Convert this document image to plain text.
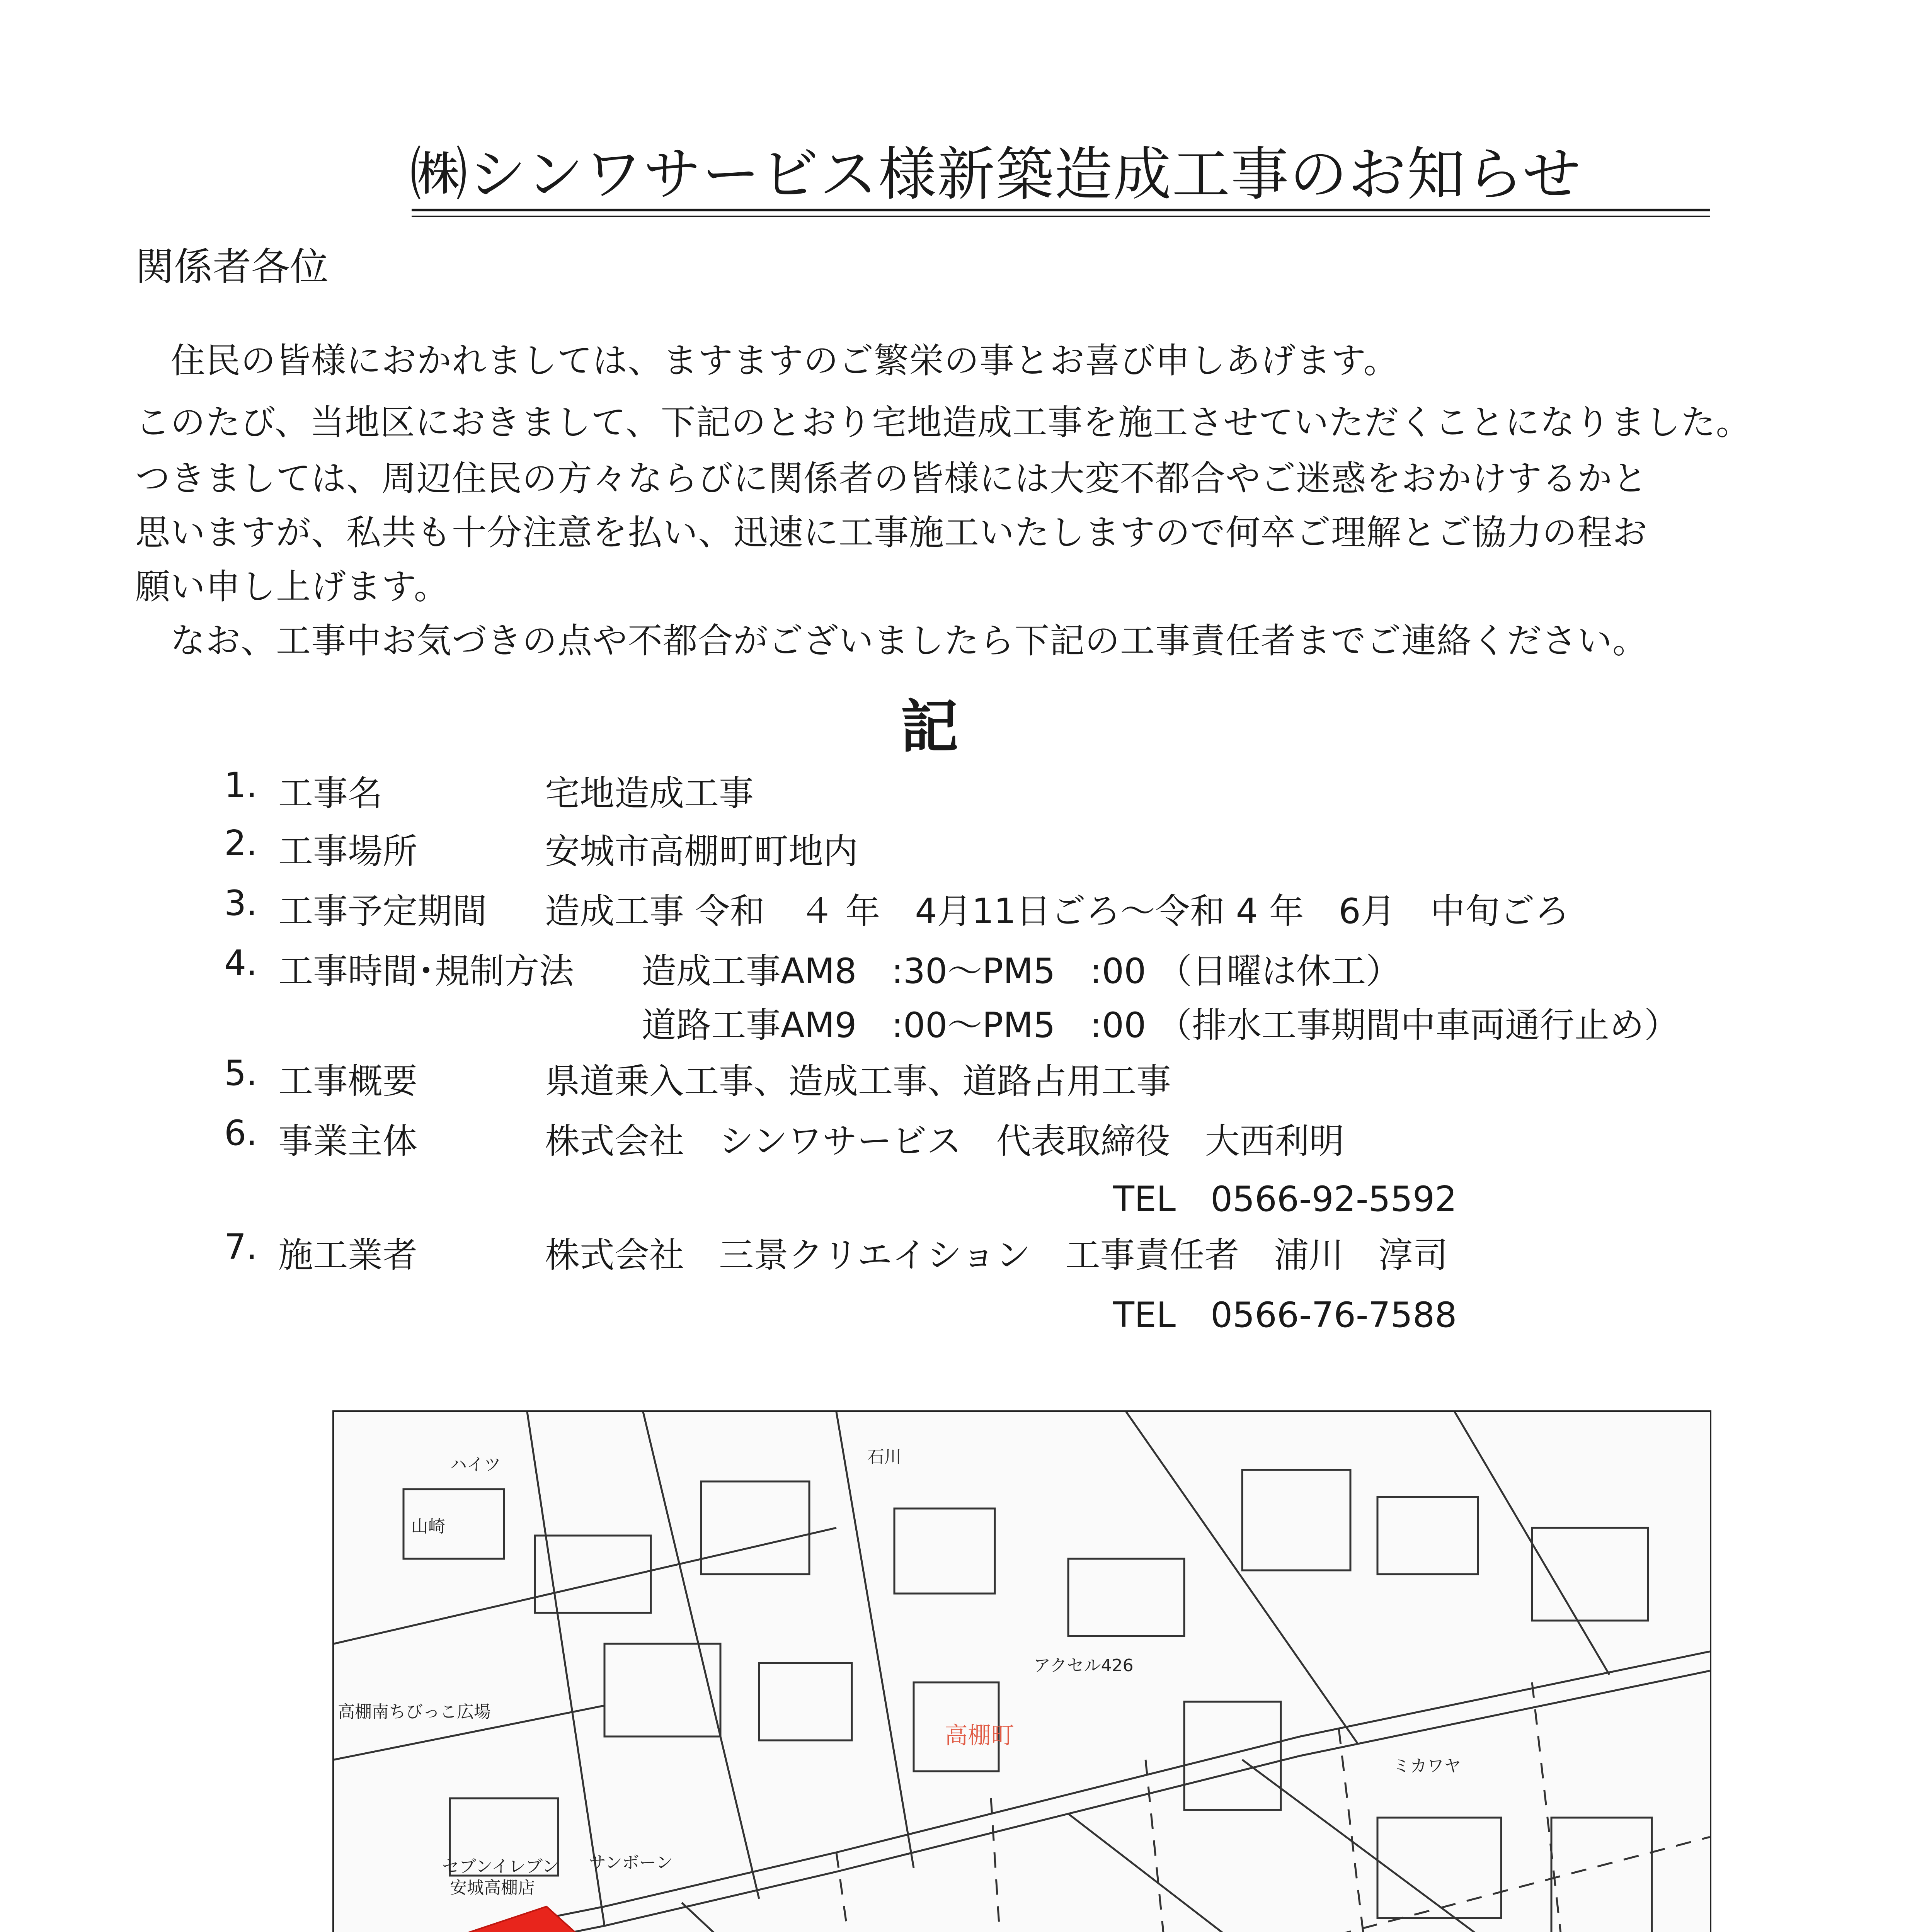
㈱シンワサービス様新築造成工事のお知らせ
関係者各位
　住民の皆様におかれましては、ますますのご繁栄の事とお喜び申しあげます。
このたび、当地区におきまして、下記のとおり宅地造成工事を施工させていただくことになりました。
つきましては、周辺住民の方々ならびに関係者の皆様には大変不都合やご迷惑をおかけするかと
思いますが、私共も十分注意を払い、迅速に工事施工いたしますので何卒ご理解とご協力の程お
願い申し上げます。
　なお、工事中お気づきの点や不都合がございましたら下記の工事責任者までご連絡ください。
記
1. 工事名	宅地造成工事
2. 工事場所	安城市高棚町町地内
3. 工事予定期間 造成工事 令和　４ 年　4月11日ごろ～令和 4 年　6月　中旬ごろ
4. 工事時間･規制方法 造成工事AM8　:30～PM5　:00 （日曜は休工）
道路工事AM9　:00～PM5　:00 （排水工事期間中車両通行止め）
5. 工事概要	県道乗入工事、造成工事、道路占用工事
6. 事業主体	株式会社　シンワサービス　代表取締役　大西利明
TEL　0566-92-5592
7. 施工業者	株式会社　三景クリエイション　工事責任者　浦川　淳司
TEL　0566-76-7588
高棚町
セブンイレブン
安城高棚店
アクセル426
石川
山崎
ハイツ
高棚南ちびっこ広場
ミカワヤ
サンボーン
